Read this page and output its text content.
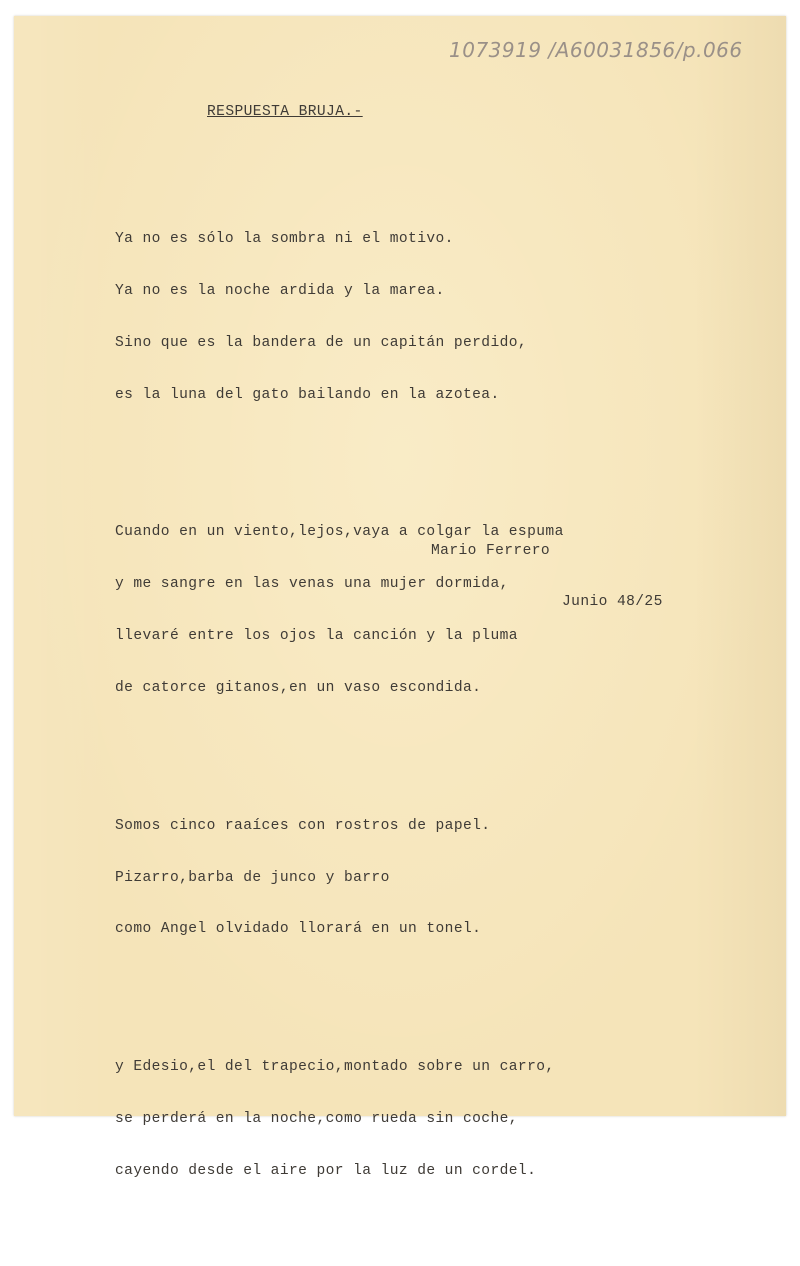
1073919 /A60031856/p.066
RESPUESTA BRUJA.-

Ya no es sólo la sombra ni el motivo.

Ya no es la noche ardida y la marea.

Sino que es la bandera de un capitán perdido,

es la luna del gato bailando en la azotea.

Cuando en un viento,lejos,vaya a colgar la espuma

y me sangre en las venas una mujer dormida,

llevaré entre los ojos la canción y la pluma

de catorce gitanos,en un vaso escondida.

Somos cinco raaíces con rostros de papel.

Pizarro,barba de junco y barro

como Angel olvidado llorará en un tonel.

y Edesio,el del trapecio,montado sobre un carro,

se perderá en la noche,como rueda sin coche,

cayendo desde el aire por la luz de un cordel.

Mario Ferrero
Junio 48/25
